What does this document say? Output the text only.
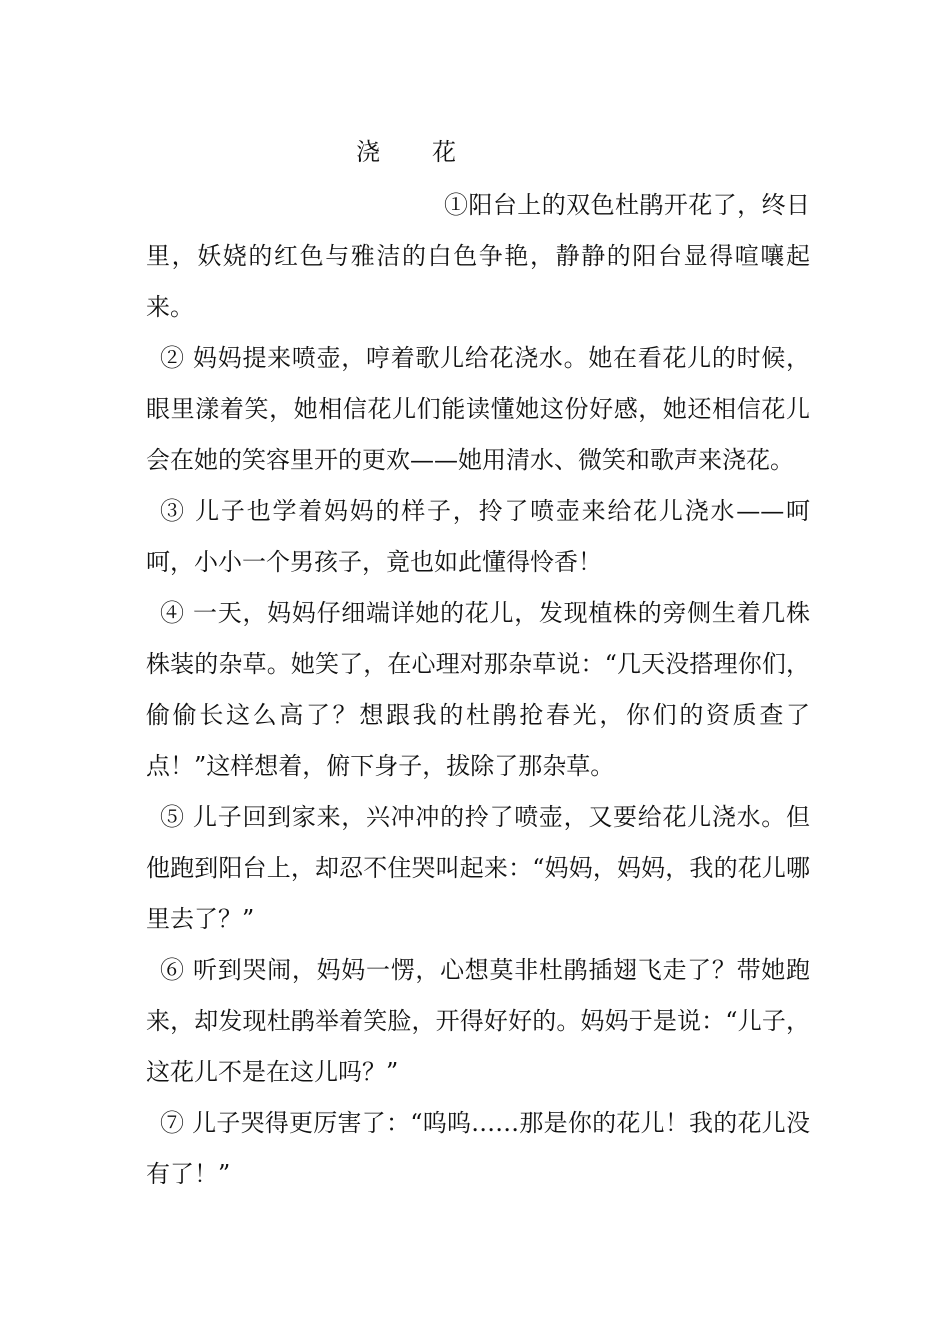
浇 花

①阳台上的双色杜鹃开花了，终日里，妖娆的红色与雅洁的白色争艳，静静的阳台显得喧嚷起来。

② 妈妈提来喷壶，哼着歌儿给花浇水。她在看花儿的时候，眼里漾着笑，她相信花儿们能读懂她这份好感，她还相信花儿会在她的笑容里开的更欢——她用清水、微笑和歌声来浇花。

③ 儿子也学着妈妈的样子，拎了喷壶来给花儿浇水——呵呵，小小一个男孩子，竟也如此懂得怜香！

④ 一天，妈妈仔细端详她的花儿，发现植株的旁侧生着几株株装的杂草。她笑了，在心理对那杂草说：“几天没搭理你们，偷偷长这么高了？想跟我的杜鹃抢春光，你们的资质查了点！”这样想着，俯下身子，拔除了那杂草。

⑤ 儿子回到家来，兴冲冲的拎了喷壶，又要给花儿浇水。但他跑到阳台上，却忍不住哭叫起来：“妈妈，妈妈，我的花儿哪里去了？”

⑥ 听到哭闹，妈妈一愣，心想莫非杜鹃插翅飞走了？带她跑来，却发现杜鹃举着笑脸，开得好好的。妈妈于是说：“儿子，这花儿不是在这儿吗？”

⑦ 儿子哭得更厉害了：“呜呜……那是你的花儿！我的花儿没有了！”
